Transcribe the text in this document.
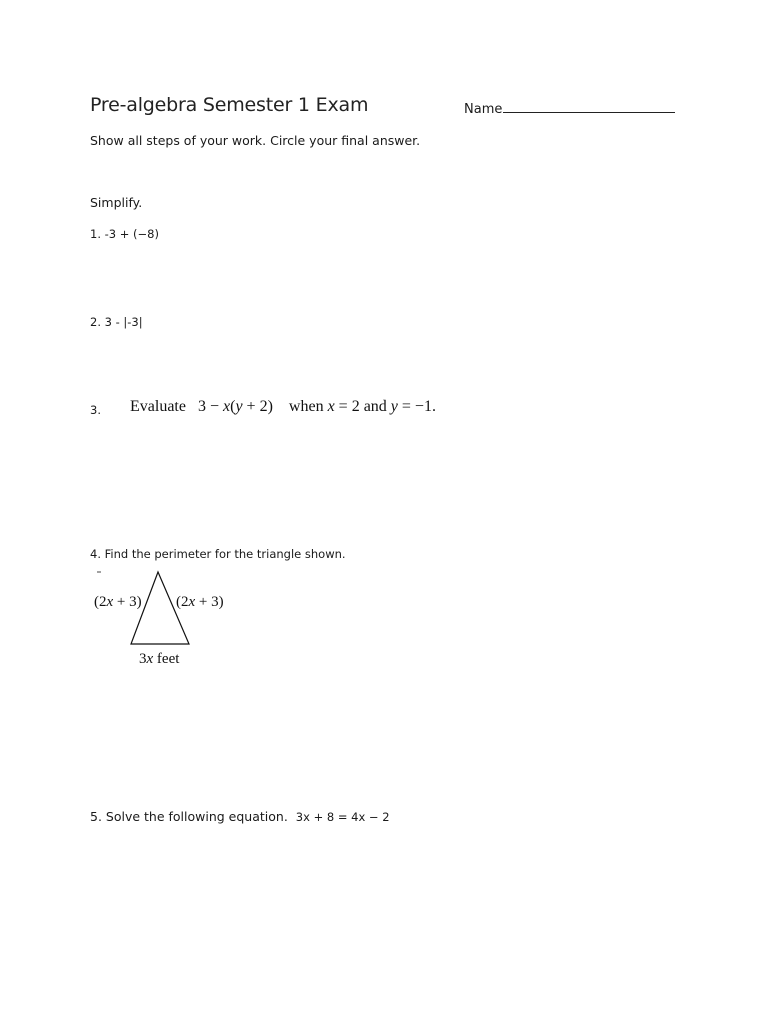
Pre-algebra Semester 1 Exam	Name
Show all steps of your work. Circle your final answer.
Simplify.
1. -3 + (−8)
2. 3 - |-3|
3. Evaluate   3 − x(y + 2) when x = 2 and y = −1.
4. Find the perimeter for the triangle shown.
(2x + 3) (2x + 3)
3x feet
5. Solve the following equation. 3x + 8 = 4x − 2
